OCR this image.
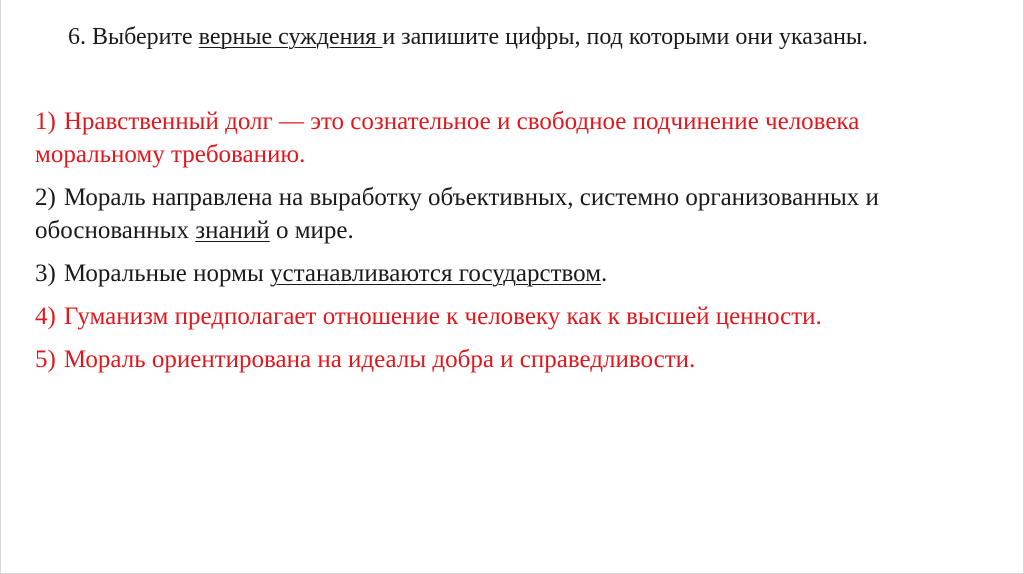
6. Выберите верные суждения и запишите цифры, под которыми они указаны.
1) Нравственный долг — это сознательное и свободное подчинение человека моральному требованию.
2) Мораль направлена на выработку объективных, системно организованных и обоснованных знаний о мире.
3) Моральные нормы устанавливаются государством.
4) Гуманизм предполагает отношение к человеку как к высшей ценности.
5) Мораль ориентирована на идеалы добра и справедливости.
